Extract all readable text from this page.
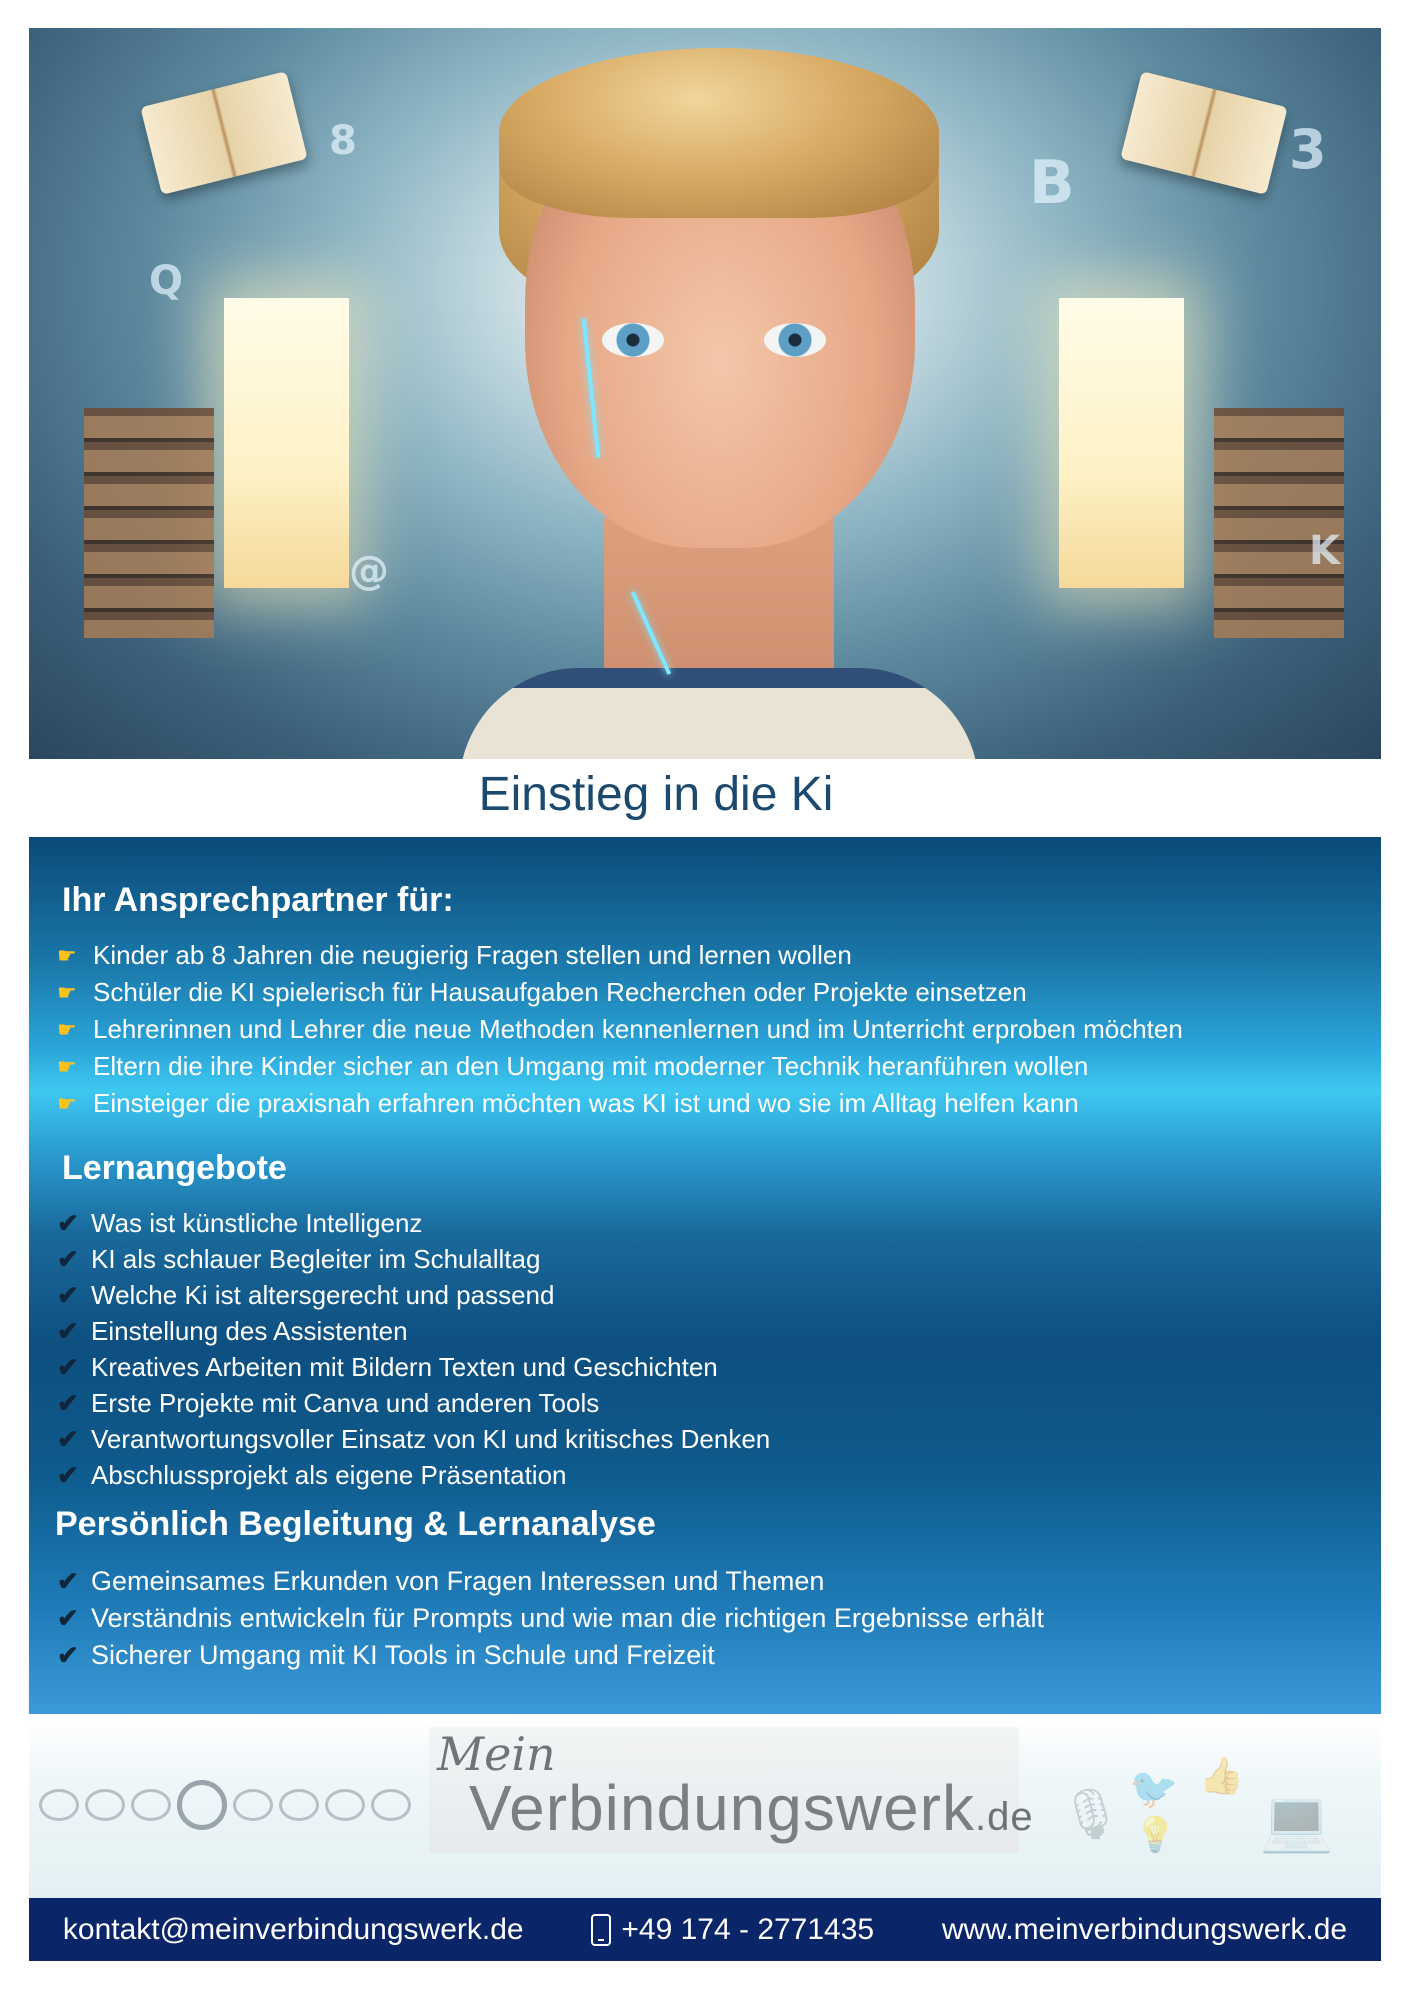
8
B	3
Q
K
@
Einstieg in die Ki
Ihr Ansprechpartner für:
☛ Kinder ab 8 Jahren die neugierig Fragen stellen und lernen wollen
☛ Schüler die KI spielerisch für Hausaufgaben Recherchen oder Projekte einsetzen
☛ Lehrerinnen und Lehrer die neue Methoden kennenlernen und im Unterricht erproben möchten
☛ Eltern die ihre Kinder sicher an den Umgang mit moderner Technik heranführen wollen
☛ Einsteiger die praxisnah erfahren möchten was KI ist und wo sie im Alltag helfen kann
Lernangebote
✔ Was ist künstliche Intelligenz
✔ KI als schlauer Begleiter im Schulalltag
✔ Welche Ki ist altersgerecht und passend
✔ Einstellung des Assistenten
✔ Kreatives Arbeiten mit Bildern Texten und Geschichten
✔ Erste Projekte mit Canva und anderen Tools
✔ Verantwortungsvoller Einsatz von KI und kritisches Denken
✔ Abschlussprojekt als eigene Präsentation
Persönlich Begleitung & Lernanalyse
✔ Gemeinsames Erkunden von Fragen Interessen und Themen
✔ Verständnis entwickeln für Prompts und wie man die richtigen Ergebnisse erhält
✔ Sicherer Umgang mit KI Tools in Schule und Freizeit
Mein
Verbindungswerk.de 🎙 🐦
💡
👍
💻
kontakt@meinverbindungswerk.de	+49 174 - 2771435 www.meinverbindungswerk.de
